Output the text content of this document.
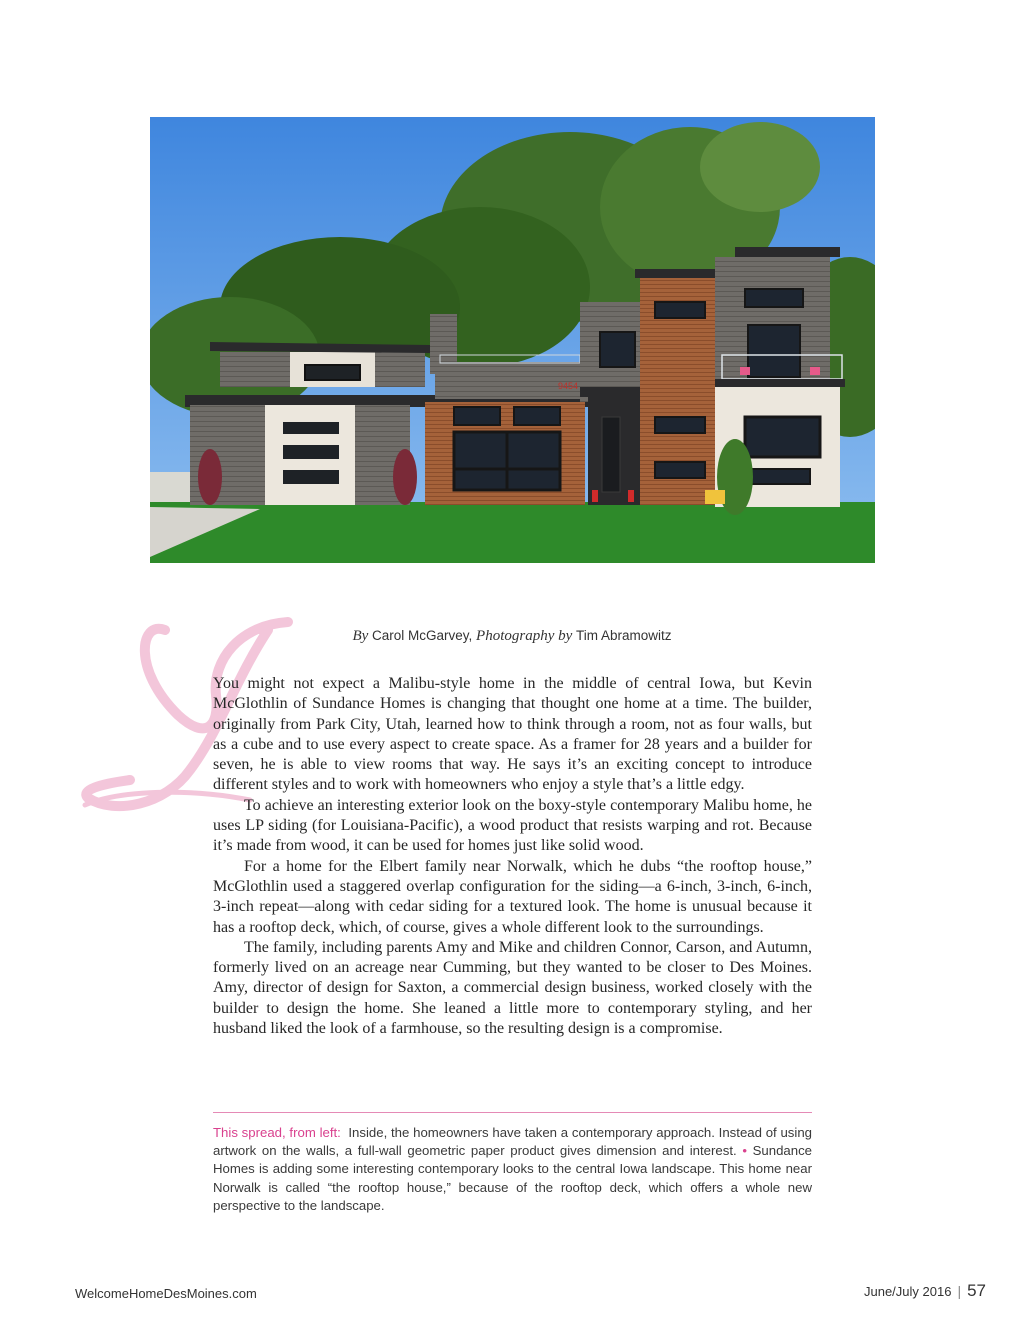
9454
By Carol McGarvey, Photography by Tim Abramowitz

You might not expect a Malibu-style home in the middle of central Iowa, but Kevin McGlothlin of Sundance Homes is changing that thought one home at a time. The builder, originally from Park City, Utah, learned how to think through a room, not as four walls, but as a cube and to use every aspect to create space. As a framer for 28 years and a builder for seven, he is able to view rooms that way. He says it’s an exciting concept to introduce different styles and to work with homeowners who enjoy a style that’s a little edgy.

To achieve an interesting exterior look on the boxy-style contemporary Malibu home, he uses LP siding (for Louisiana-Pacific), a wood product that resists warping and rot. Because it’s made from wood, it can be used for homes just like solid wood.

For a home for the Elbert family near Norwalk, which he dubs “the rooftop house,” McGlothlin used a staggered overlap configuration for the siding—a 6-inch, 3-inch, 6-inch, 3-inch repeat—along with cedar siding for a textured look. The home is unusual because it has a rooftop deck, which, of course, gives a whole different look to the surroundings.

The family, including parents Amy and Mike and children Connor, Carson, and Autumn, formerly lived on an acreage near Cumming, but they wanted to be closer to Des Moines. Amy, director of design for Saxton, a commercial design business, worked closely with the builder to design the home. She leaned a little more to contemporary styling, and her husband liked the look of a farmhouse, so the resulting design is a compromise.

This spread, from left: Inside, the homeowners have taken a contemporary approach. Instead of using artwork on the walls, a full-wall geometric paper product gives dimension and interest. • Sundance Homes is adding some interesting contemporary looks to the central Iowa landscape. This home near Norwalk is called “the rooftop house,” because of the rooftop deck, which offers a whole new perspective to the landscape.
WelcomeHomeDesMoines.com	June/July 2016 | 57
